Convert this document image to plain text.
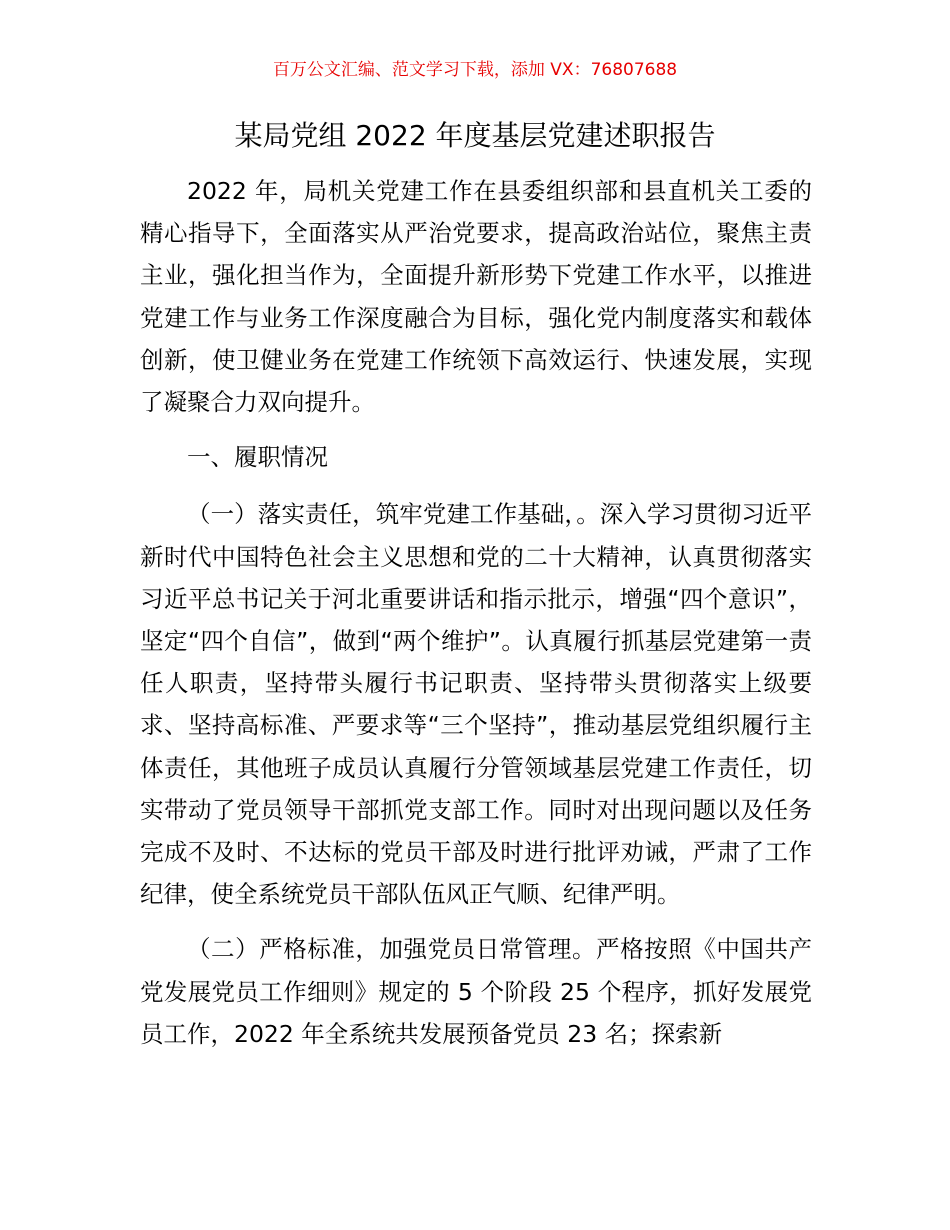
百万公文汇编、范文学习下载，添加 VX：76807688
某局党组 2022 年度基层党建述职报告

2022 年，局机关党建工作在县委组织部和县直机关工委的精心指导下，全面落实从严治党要求，提高政治站位，聚焦主责主业，强化担当作为，全面提升新形势下党建工作水平，以推进党建工作与业务工作深度融合为目标，强化党内制度落实和载体创新，使卫健业务在党建工作统领下高效运行、快速发展，实现了凝聚合力双向提升。

一、履职情况

（一）落实责任，筑牢党建工作基础，。深入学习贯彻习近平新时代中国特色社会主义思想和党的二十大精神，认真贯彻落实习近平总书记关于河北重要讲话和指示批示，增强“四个意识”，坚定“四个自信”，做到“两个维护”。认真履行抓基层党建第一责任人职责，坚持带头履行书记职责、坚持带头贯彻落实上级要求、坚持高标准、严要求等“三个坚持”，推动基层党组织履行主体责任，其他班子成员认真履行分管领域基层党建工作责任，切实带动了党员领导干部抓党支部工作。同时对出现问题以及任务完成不及时、不达标的党员干部及时进行批评劝诫，严肃了工作纪律，使全系统党员干部队伍风正气顺、纪律严明。

（二）严格标准，加强党员日常管理。严格按照《中国共产党发展党员工作细则》规定的 5 个阶段 25 个程序，抓好发展党员工作，2022 年全系统共发展预备党员 23 名；探索新
